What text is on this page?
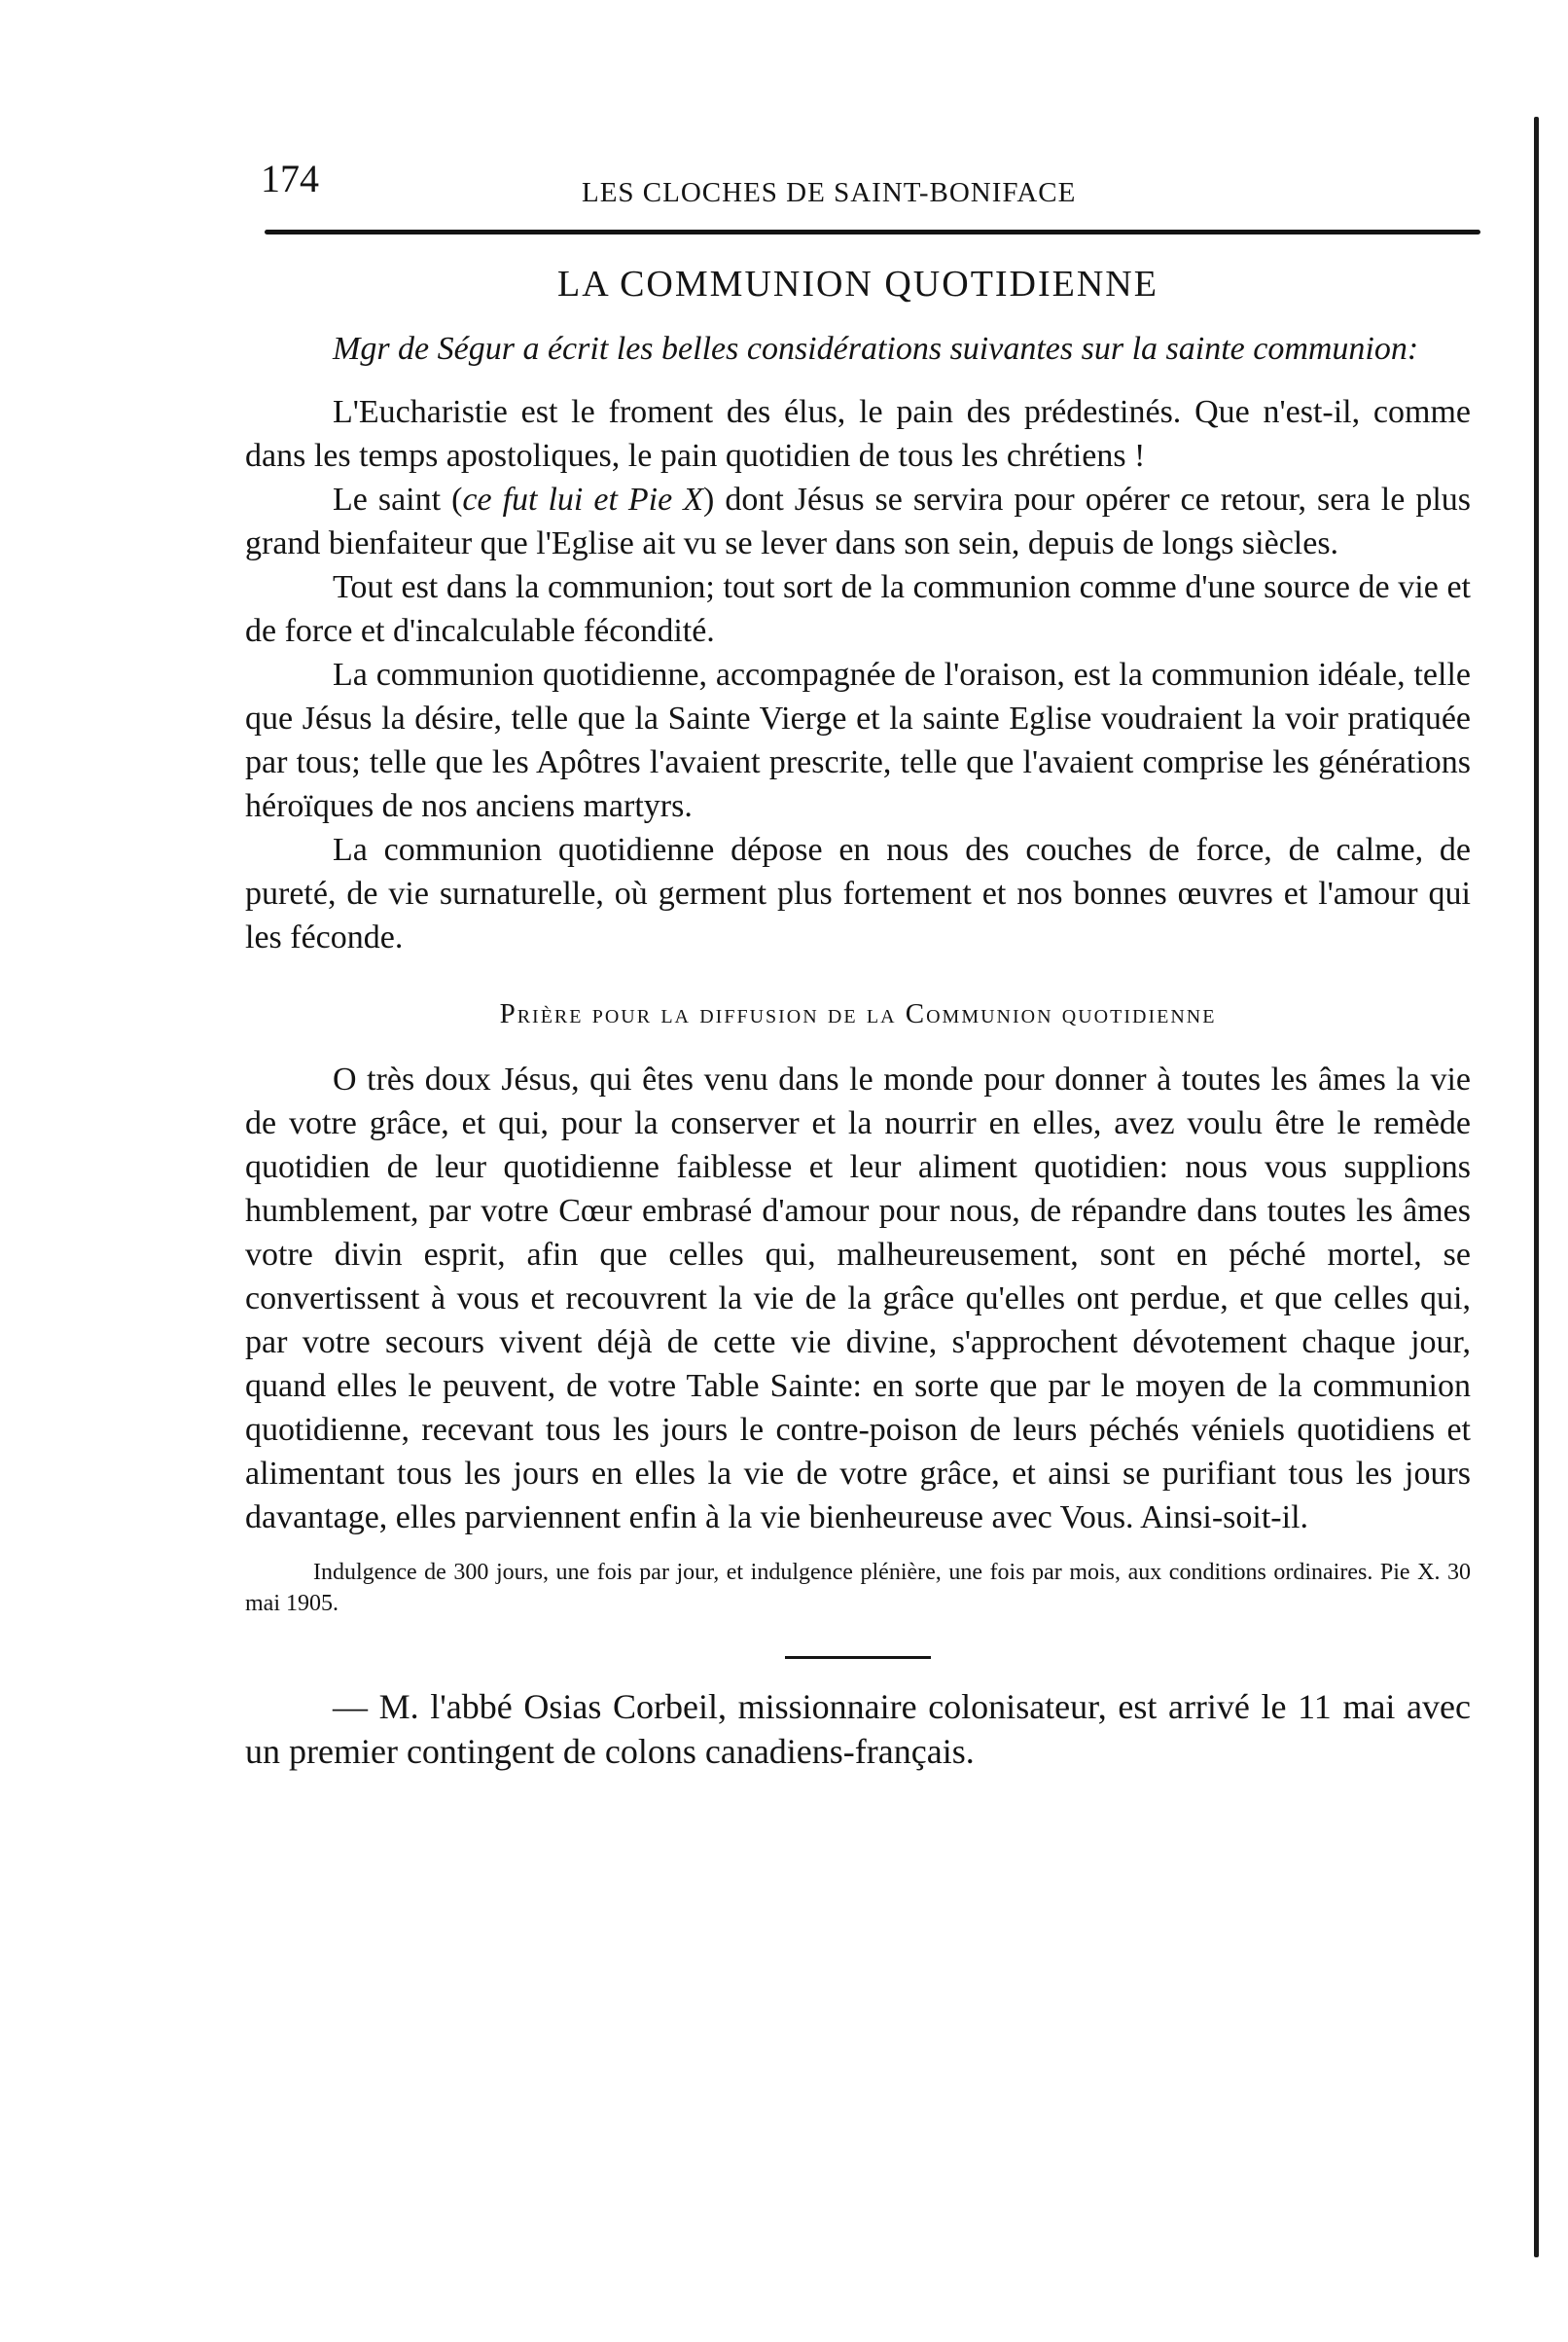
174	LES CLOCHES DE SAINT-BONIFACE
LA COMMUNION QUOTIDIENNE

Mgr de Ségur a écrit les belles considérations suivantes sur la sainte communion:

L'Eucharistie est le froment des élus, le pain des prédestinés. Que n'est-il, comme dans les temps apostoliques, le pain quotidien de tous les chrétiens !

Le saint (ce fut lui et Pie X) dont Jésus se servira pour opérer ce retour, sera le plus grand bienfaiteur que l'Eglise ait vu se lever dans son sein, depuis de longs siècles.

Tout est dans la communion; tout sort de la communion comme d'une source de vie et de force et d'incalculable fécondité.

La communion quotidienne, accompagnée de l'oraison, est la communion idéale, telle que Jésus la désire, telle que la Sainte Vierge et la sainte Eglise voudraient la voir pratiquée par tous; telle que les Apôtres l'avaient prescrite, telle que l'avaient comprise les générations héroïques de nos anciens martyrs.

La communion quotidienne dépose en nous des couches de force, de calme, de pureté, de vie surnaturelle, où germent plus fortement et nos bonnes œuvres et l'amour qui les féconde.

Prière pour la diffusion de la Communion quotidienne

O très doux Jésus, qui êtes venu dans le monde pour donner à toutes les âmes la vie de votre grâce, et qui, pour la conserver et la nourrir en elles, avez voulu être le remède quotidien de leur quotidienne faiblesse et leur aliment quotidien: nous vous supplions humblement, par votre Cœur embrasé d'amour pour nous, de répandre dans toutes les âmes votre divin esprit, afin que celles qui, malheureusement, sont en péché mortel, se convertissent à vous et recouvrent la vie de la grâce qu'elles ont perdue, et que celles qui, par votre secours vivent déjà de cette vie divine, s'approchent dévotement chaque jour, quand elles le peuvent, de votre Table Sainte: en sorte que par le moyen de la communion quotidienne, recevant tous les jours le contre-poison de leurs péchés véniels quotidiens et alimentant tous les jours en elles la vie de votre grâce, et ainsi se purifiant tous les jours davantage, elles parviennent enfin à la vie bienheureuse avec Vous. Ainsi-soit-il.

Indulgence de 300 jours, une fois par jour, et indulgence plénière, une fois par mois, aux conditions ordinaires. Pie X. 30 mai 1905.

— M. l'abbé Osias Corbeil, missionnaire colonisateur, est arrivé le 11 mai avec un premier contingent de colons canadiens-français.
